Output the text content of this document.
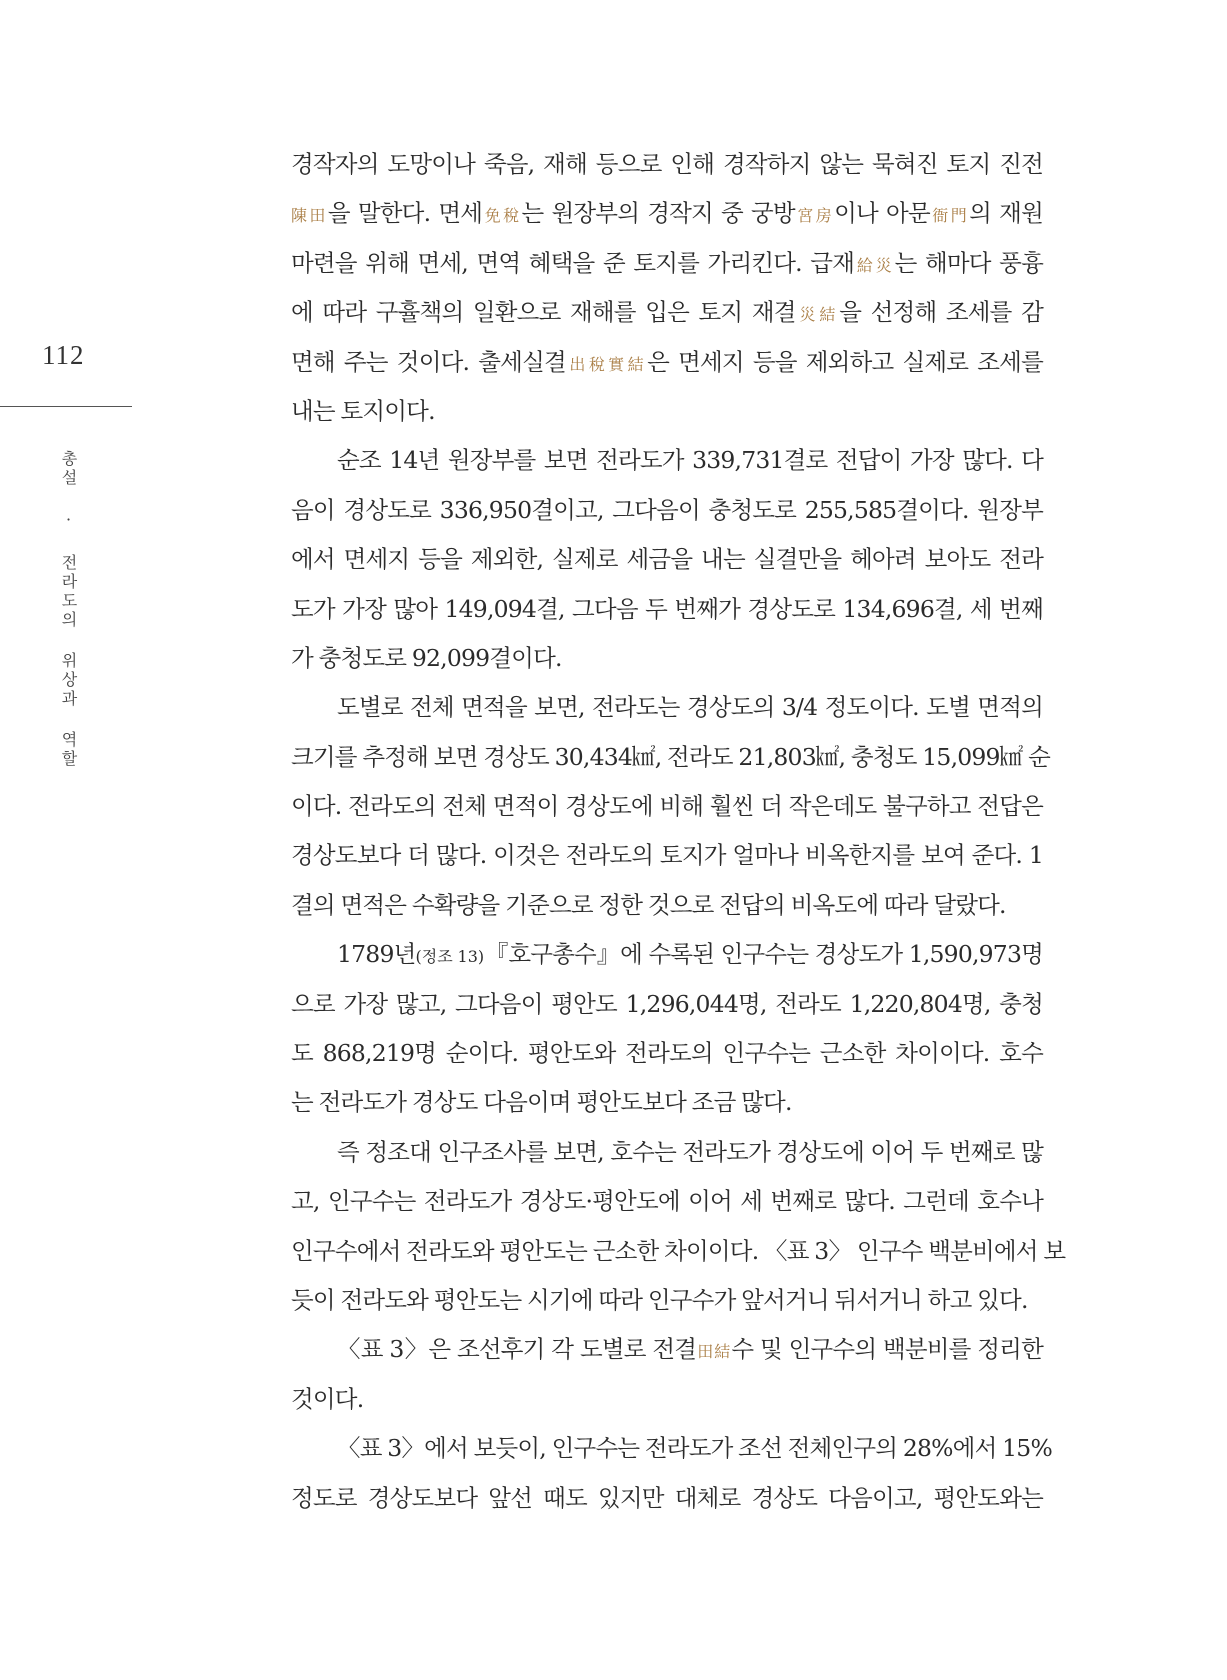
112
총설 · 전라도의 위상과 역할
경작자의 도망이나 죽음, 재해 등으로 인해 경작하지 않는 묵혀진 토지 진전
陳田을 말한다. 면세免稅는 원장부의 경작지 중 궁방宮房이나 아문衙門의 재원
마련을 위해 면세, 면역 혜택을 준 토지를 가리킨다. 급재給災는 해마다 풍흉
에 따라 구휼책의 일환으로 재해를 입은 토지 재결災結을 선정해 조세를 감
면해 주는 것이다. 출세실결出稅實結은 면세지 등을 제외하고 실제로 조세를
내는 토지이다.
순조 14년 원장부를 보면 전라도가 339,731결로 전답이 가장 많다. 다
음이 경상도로 336,950결이고, 그다음이 충청도로 255,585결이다. 원장부
에서 면세지 등을 제외한, 실제로 세금을 내는 실결만을 헤아려 보아도 전라
도가 가장 많아 149,094결, 그다음 두 번째가 경상도로 134,696결, 세 번째
가 충청도로 92,099결이다.
도별로 전체 면적을 보면, 전라도는 경상도의 3/4 정도이다. 도별 면적의
크기를 추정해 보면 경상도 30,434㎢, 전라도 21,803㎢, 충청도 15,099㎢ 순
이다. 전라도의 전체 면적이 경상도에 비해 훨씬 더 작은데도 불구하고 전답은
경상도보다 더 많다. 이것은 전라도의 토지가 얼마나 비옥한지를 보여 준다. 1
결의 면적은 수확량을 기준으로 정한 것으로 전답의 비옥도에 따라 달랐다.
1789년(정조 13)『호구총수』에 수록된 인구수는 경상도가 1,590,973명
으로 가장 많고, 그다음이 평안도 1,296,044명, 전라도 1,220,804명, 충청
도 868,219명 순이다. 평안도와 전라도의 인구수는 근소한 차이이다. 호수
는 전라도가 경상도 다음이며 평안도보다 조금 많다.
즉 정조대 인구조사를 보면, 호수는 전라도가 경상도에 이어 두 번째로 많
고, 인구수는 전라도가 경상도·평안도에 이어 세 번째로 많다. 그런데 호수나
인구수에서 전라도와 평안도는 근소한 차이이다. 〈표 3〉 인구수 백분비에서 보
듯이 전라도와 평안도는 시기에 따라 인구수가 앞서거니 뒤서거니 하고 있다.
〈표 3〉은 조선후기 각 도별로 전결田結수 및 인구수의 백분비를 정리한
것이다.
〈표 3〉에서 보듯이, 인구수는 전라도가 조선 전체인구의 28%에서 15%
정도로 경상도보다 앞선 때도 있지만 대체로 경상도 다음이고, 평안도와는
